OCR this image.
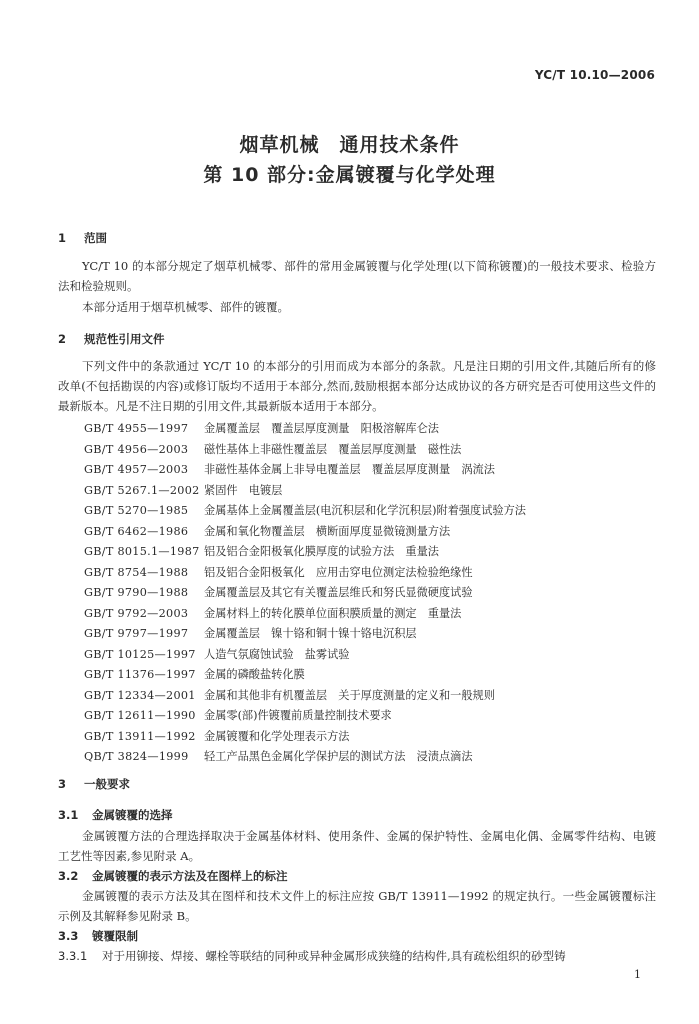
YC/T 10.10—2006
烟草机械　通用技术条件
第 10 部分:金属镀覆与化学处理
1 范围

YC/T 10 的本部分规定了烟草机械零、部件的常用金属镀覆与化学处理(以下简称镀覆)的一般技术要求、检验方法和检验规则。

本部分适用于烟草机械零、部件的镀覆。

2 规范性引用文件

下列文件中的条款通过 YC/T 10 的本部分的引用而成为本部分的条款。凡是注日期的引用文件,其随后所有的修改单(不包括勘误的内容)或修订版均不适用于本部分,然而,鼓励根据本部分达成协议的各方研究是否可使用这些文件的最新版本。凡是不注日期的引用文件,其最新版本适用于本部分。

GB/T 4955—1997 金属覆盖层　覆盖层厚度测量　阳极溶解库仑法
GB/T 4956—2003 磁性基体上非磁性覆盖层　覆盖层厚度测量　磁性法
GB/T 4957—2003 非磁性基体金属上非导电覆盖层　覆盖层厚度测量　涡流法
GB/T 5267.1—2002 紧固件　电镀层
GB/T 5270—1985 金属基体上金属覆盖层(电沉积层和化学沉积层)附着强度试验方法
GB/T 6462—1986 金属和氧化物覆盖层　横断面厚度显微镜测量方法
GB/T 8015.1—1987 铝及铝合金阳极氧化膜厚度的试验方法　重量法
GB/T 8754—1988 铝及铝合金阳极氧化　应用击穿电位测定法检验绝缘性
GB/T 9790—1988 金属覆盖层及其它有关覆盖层维氏和努氏显微硬度试验
GB/T 9792—2003 金属材料上的转化膜单位面积膜质量的测定　重量法
GB/T 9797—1997 金属覆盖层　镍十铬和铜十镍十铬电沉积层
GB/T 10125—1997 人造气氛腐蚀试验　盐雾试验
GB/T 11376—1997 金属的磷酸盐转化膜
GB/T 12334—2001 金属和其他非有机覆盖层　关于厚度测量的定义和一般规则
GB/T 12611—1990 金属零(部)件镀覆前质量控制技术要求
GB/T 13911—1992 金属镀覆和化学处理表示方法
QB/T 3824—1999 轻工产品黑色金属化学保护层的测试方法　浸渍点滴法
3 一般要求
3.1 金属镀覆的选择

金属镀覆方法的合理选择取决于金属基体材料、使用条件、金属的保护特性、金属电化偶、金属零件结构、电镀工艺性等因素,参见附录 A。

3.2 金属镀覆的表示方法及在图样上的标注

金属镀覆的表示方法及其在图样和技术文件上的标注应按 GB/T 13911—1992 的规定执行。一些金属镀覆标注示例及其解释参见附录 B。

3.3 镀覆限制
3.3.1 对于用铆接、焊接、螺栓等联结的同种或异种金属形成狭缝的结构件,具有疏松组织的砂型铸
1
